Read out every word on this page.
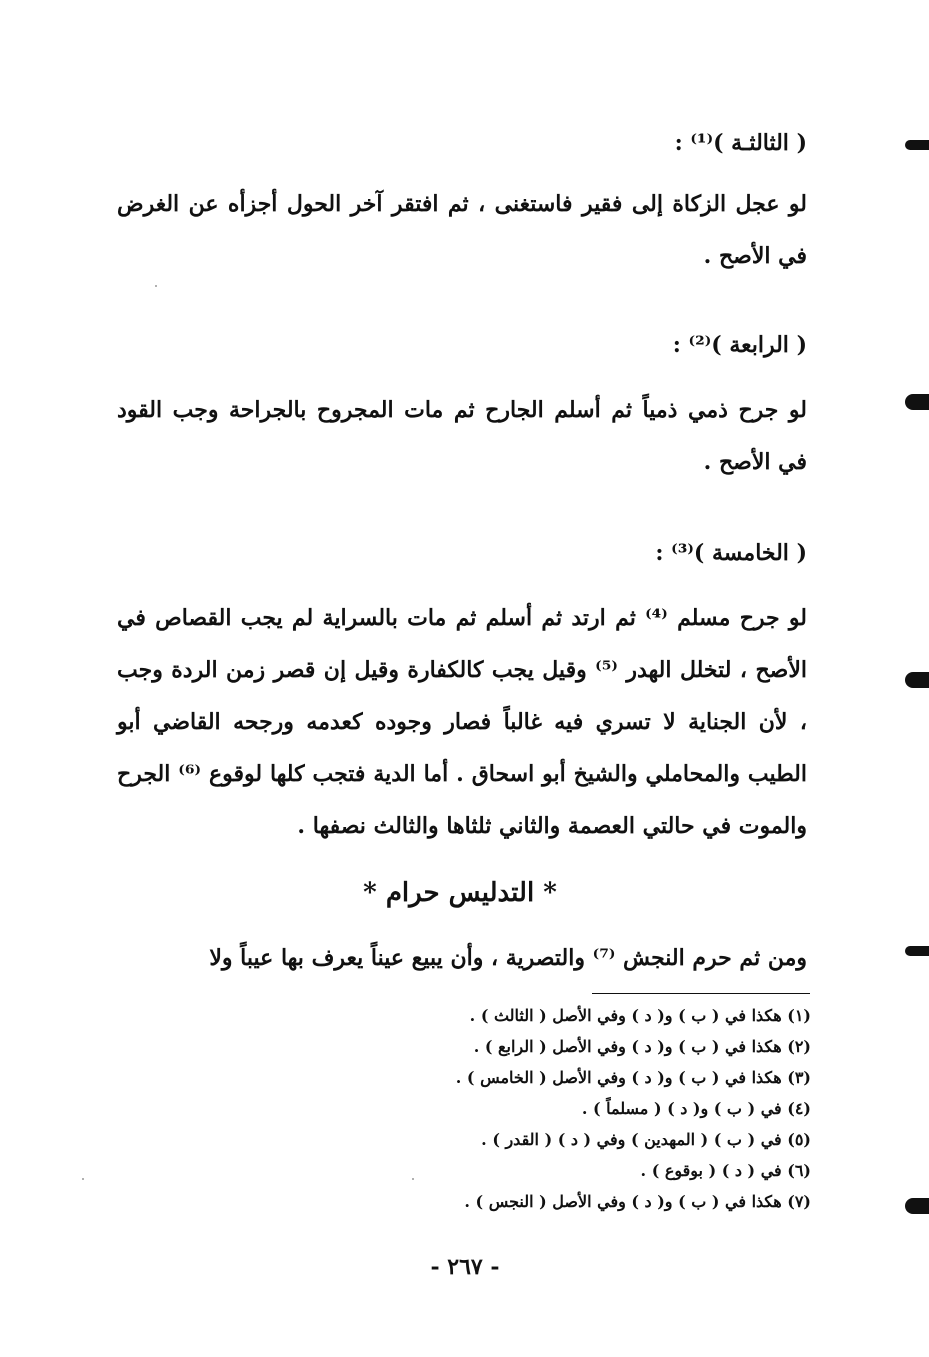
( الثالثـة )⁽¹⁾ :
لو عجل الزكاة إلى فقير فاستغنى ، ثم افتقر آخر الحول أجزأه عن الغرض في الأصح .
( الرابعة )⁽²⁾ :
لو جرح ذمي ذمياً ثم أسلم الجارح ثم مات المجروح بالجراحة وجب القود في الأصح .
( الخامسة )⁽³⁾ :
لو جرح مسلم ⁽⁴⁾ ثم ارتد ثم أسلم ثم مات بالسراية لم يجب القصاص في الأصح ، لتخلل الهدر ⁽⁵⁾ وقيل يجب كالكفارة وقيل إن قصر زمن الردة وجب ، لأن الجناية لا تسري فيه غالباً فصار وجوده كعدمه ورجحه القاضي أبو الطيب والمحاملي والشيخ أبو اسحاق . أما الدية فتجب كلها لوقوع ⁽⁶⁾ الجرح والموت في حالتي العصمة والثاني ثلثاها والثالث نصفها .
* التدليس حرام *
ومن ثم حرم النجش ⁽⁷⁾ والتصرية ، وأن يبيع عيناً يعرف بها عيباً ولا
(١) هكذا في ( ب ) و( د ) وفي الأصل ( الثالث ) .
(٢) هكذا في ( ب ) و( د ) وفي الأصل ( الرابع ) .
(٣) هكذا في ( ب ) و( د ) وفي الأصل ( الخامس ) .
(٤) في ( ب ) و( د ) ( مسلماً ) .
(٥) في ( ب ) ( المهدين ) وفي ( د ) ( القدر ) .
(٦) في ( د ) ( بوقوع ) .
(٧) هكذا في ( ب ) و( د ) وفي الأصل ( النجس ) .
- ٢٦٧ -
